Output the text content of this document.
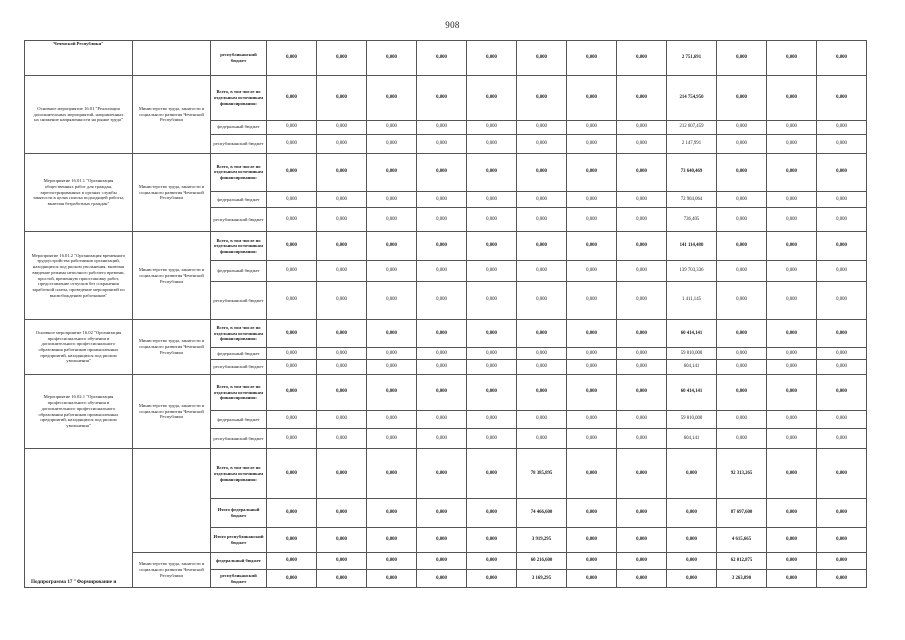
908
Чеченской Республики"		республиканский бюджет	0,000	0,000	0,000	0,000	0,000	0,000	0,000	0,000	2 751,691	0,000	0,000	0,000
Основное мероприятие 16.01 "Реализация дополнительных мероприятий, направленных на снижение напряженности на рынке труда"	Министерство труда, занятости и социального развития Чеченской Республики	Всего, в том числе по отдельным источникам финансирования:	0,000	0,000	0,000	0,000	0,000	0,000	0,000	0,000	214 754,950	0,000	0,000	0,000
		федеральный бюджет	0,000	0,000	0,000	0,000	0,000	0,000	0,000	0,000	212 607,459	0,000	0,000	0,000
		республиканский бюджет	0,000	0,000	0,000	0,000	0,000	0,000	0,000	0,000	2 147,991	0,000	0,000	0,000
Мероприятие 16.01.1 "Организация общественных работ для граждан, зарегистрированных в органах службы занятости в целях поиска подходящей работы, включая безработных граждан"	Министерство труда, занятости и социального развития Чеченской Республики	Всего, в том числе по отдельным источникам финансирования:	0,000	0,000	0,000	0,000	0,000	0,000	0,000	0,000	73 640,469	0,000	0,000	0,000
		федеральный бюджет	0,000	0,000	0,000	0,000	0,000	0,000	0,000	0,000	72 904,064	0,000	0,000	0,000
		республиканский бюджет	0,000	0,000	0,000	0,000	0,000	0,000	0,000	0,000	736,405	0,000	0,000	0,000
Мероприятие 16.01.2 "Организация временного трудоустройства работников организаций, находящихся под риском увольнения, включая введение режима неполного рабочего времени, простой, временную приостановку работ, предоставление отпусков без сохранения заработной платы, проведение мероприятий по высвобождению работников"	Министерство труда, занятости и социального развития Чеченской Республики	Всего, в том числе по отдельным источникам финансирования:	0,000	0,000	0,000	0,000	0,000	0,000	0,000	0,000	141 114,480	0,000	0,000	0,000
		федеральный бюджет	0,000	0,000	0,000	0,000	0,000	0,000	0,000	0,000	139 703,336	0,000	0,000	0,000
		республиканский бюджет	0,000	0,000	0,000	0,000	0,000	0,000	0,000	0,000	1 411,145	0,000	0,000	0,000
Основное мероприятие 16.02 "Организация профессионального обучения и дополнительного профессионального образования работников промышленных предприятий, находящихся под риском увольнения"	Министерство труда, занятости и социального развития Чеченской Республики	Всего, в том числе по отдельным источникам финансирования:	0,000	0,000	0,000	0,000	0,000	0,000	0,000	0,000	60 414,141	0,000	0,000	0,000
		федеральный бюджет	0,000	0,000	0,000	0,000	0,000	0,000	0,000	0,000	59 810,000	0,000	0,000	0,000
		республиканский бюджет	0,000	0,000	0,000	0,000	0,000	0,000	0,000	0,000	604,141	0,000	0,000	0,000
Мероприятие 16.02.1 "Организация профессионального обучения и дополнительного профессионального образования работников промышленных предприятий, находящихся под риском увольнения"	Министерство труда, занятости и социального развития Чеченской Республики	Всего, в том числе по отдельным источникам финансирования:	0,000	0,000	0,000	0,000	0,000	0,000	0,000	0,000	60 414,141	0,000	0,000	0,000
		федеральный бюджет	0,000	0,000	0,000	0,000	0,000	0,000	0,000	0,000	59 810,000	0,000	0,000	0,000
		республиканский бюджет	0,000	0,000	0,000	0,000	0,000	0,000	0,000	0,000	604,141	0,000	0,000	0,000
Подпрограмма 17 "Формирование и		Всего, в том числе по отдельным источникам финансирования:	0,000	0,000	0,000	0,000	0,000	78 385,895	0,000	0,000	0,000	92 313,265	0,000	0,000
		Итого федеральный бюджет	0,000	0,000	0,000	0,000	0,000	74 466,600	0,000	0,000	0,000	87 697,600	0,000	0,000
		Итого республиканский бюджет	0,000	0,000	0,000	0,000	0,000	3 919,295	0,000	0,000	0,000	4 615,665	0,000	0,000
	Министерство труда, занятости и социального развития Чеченской Республики	федеральный бюджет	0,000	0,000	0,000	0,000	0,000	60 216,600	0,000	0,000	0,000	62 012,875	0,000	0,000
		республиканский бюджет	0,000	0,000	0,000	0,000	0,000	3 169,295	0,000	0,000	0,000	3 263,890	0,000	0,000
